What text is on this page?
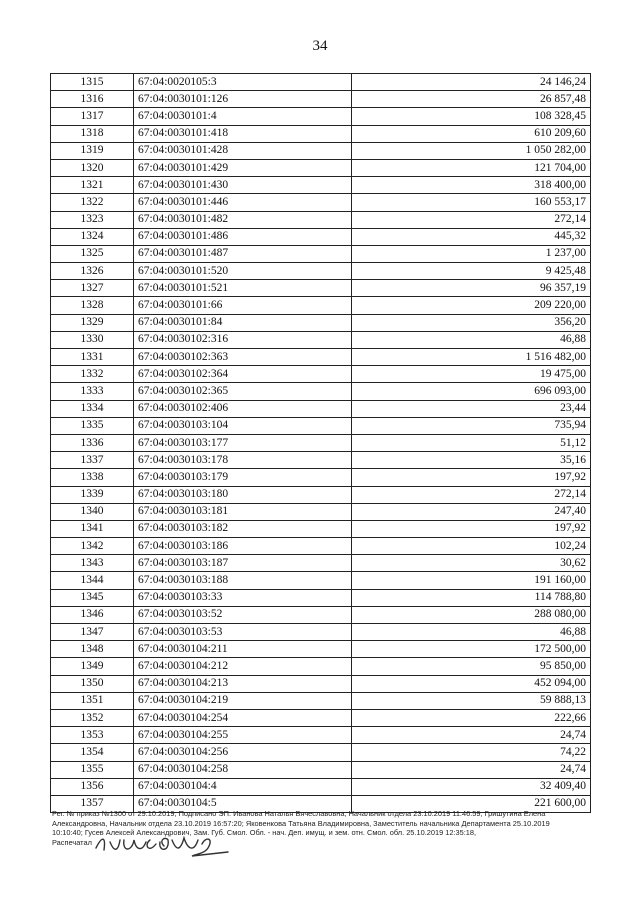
34
1315	67:04:0020105:3	24 146,24
1316	67:04:0030101:126	26 857,48
1317	67:04:0030101:4	108 328,45
1318	67:04:0030101:418	610 209,60
1319	67:04:0030101:428	1 050 282,00
1320	67:04:0030101:429	121 704,00
1321	67:04:0030101:430	318 400,00
1322	67:04:0030101:446	160 553,17
1323	67:04:0030101:482	272,14
1324	67:04:0030101:486	445,32
1325	67:04:0030101:487	1 237,00
1326	67:04:0030101:520	9 425,48
1327	67:04:0030101:521	96 357,19
1328	67:04:0030101:66	209 220,00
1329	67:04:0030101:84	356,20
1330	67:04:0030102:316	46,88
1331	67:04:0030102:363	1 516 482,00
1332	67:04:0030102:364	19 475,00
1333	67:04:0030102:365	696 093,00
1334	67:04:0030102:406	23,44
1335	67:04:0030103:104	735,94
1336	67:04:0030103:177	51,12
1337	67:04:0030103:178	35,16
1338	67:04:0030103:179	197,92
1339	67:04:0030103:180	272,14
1340	67:04:0030103:181	247,40
1341	67:04:0030103:182	197,92
1342	67:04:0030103:186	102,24
1343	67:04:0030103:187	30,62
1344	67:04:0030103:188	191 160,00
1345	67:04:0030103:33	114 788,80
1346	67:04:0030103:52	288 080,00
1347	67:04:0030103:53	46,88
1348	67:04:0030104:211	172 500,00
1349	67:04:0030104:212	95 850,00
1350	67:04:0030104:213	452 094,00
1351	67:04:0030104:219	59 888,13
1352	67:04:0030104:254	222,66
1353	67:04:0030104:255	24,74
1354	67:04:0030104:256	74,22
1355	67:04:0030104:258	24,74
1356	67:04:0030104:4	32 409,40
1357	67:04:0030104:5	221 600,00
Рег. № приказ №1300 от 29.10.2019, Подписано ЭП: Иванова Наталья Вячеславовна, Начальник отдела 23.10.2019 11:46:59; Гришутина Елена
Александровна, Начальник отдела 23.10.2019 16:57:20; Яковенкова Татьяна Владимировна, Заместитель начальника Департамента 25.10.2019
10:10:40; Гусев Алексей Александрович, Зам. Губ. Смол. Обл. - нач. Деп. имущ. и зем. отн. Смол. обл. 25.10.2019 12:35:18,
Распечатал
